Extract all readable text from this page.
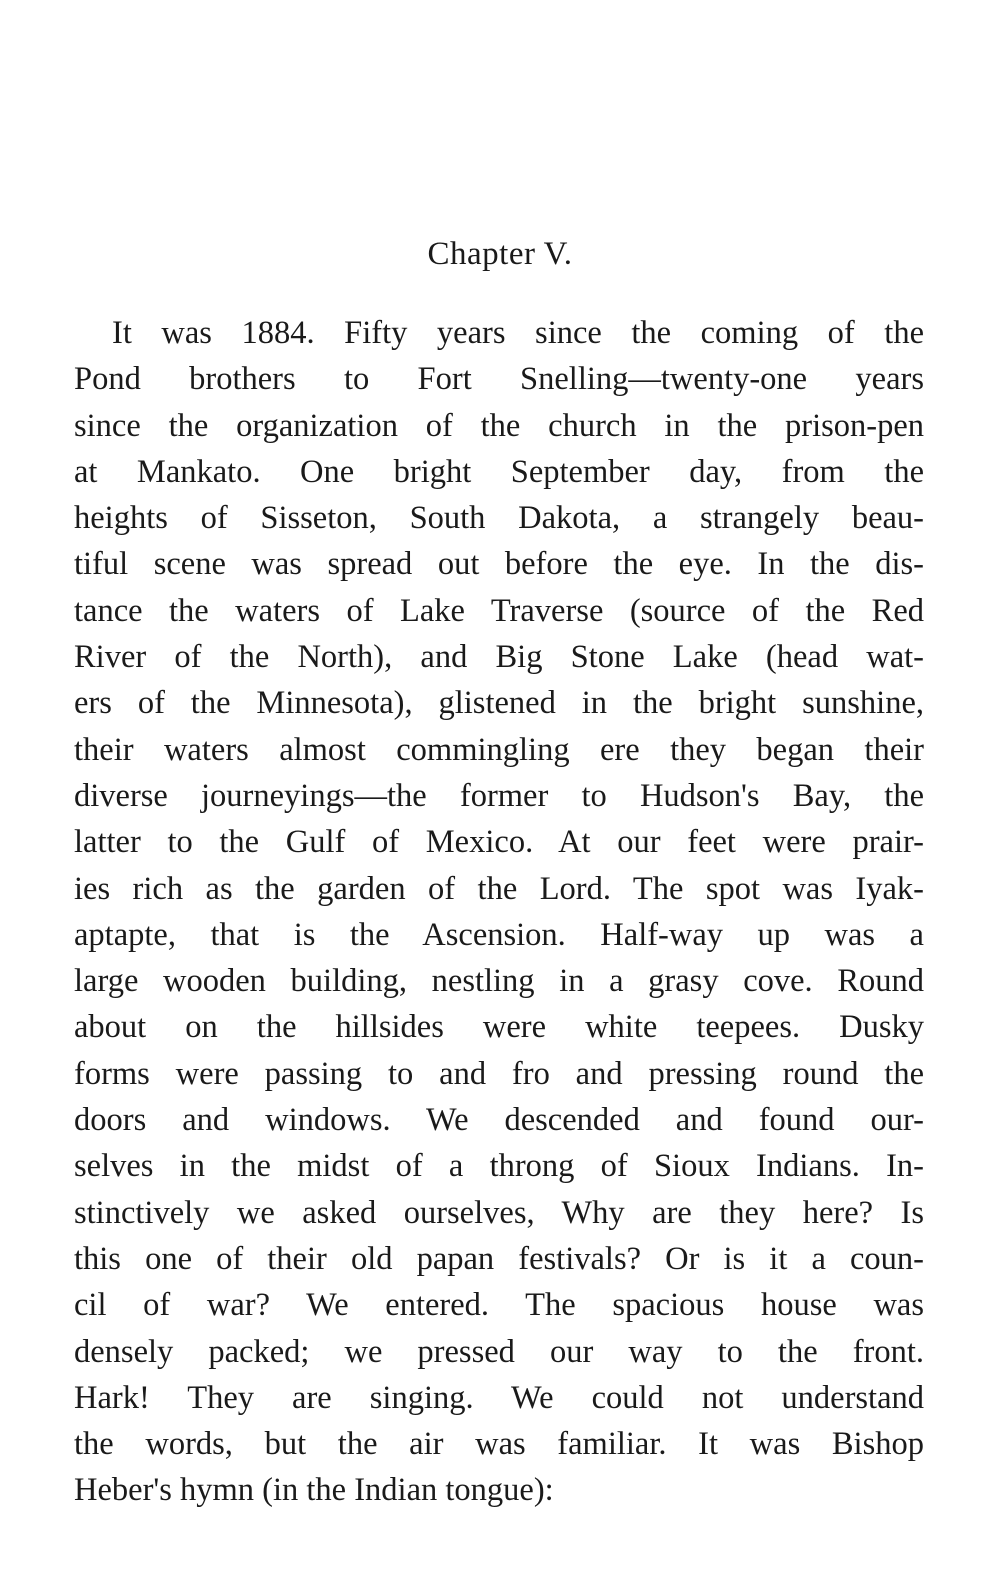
Chapter V.
It was 1884. Fifty years since the coming of the
Pond brothers to Fort Snelling—twenty-one years
since the organization of the church in the prison-pen
at Mankato. One bright September day, from the
heights of Sisseton, South Dakota, a strangely beau-
tiful scene was spread out before the eye. In the dis-
tance the waters of Lake Traverse (source of the Red
River of the North), and Big Stone Lake (head wat-
ers of the Minnesota), glistened in the bright sunshine,
their waters almost commingling ere they began their
diverse journeyings—the former to Hudson's Bay, the
latter to the Gulf of Mexico. At our feet were prair-
ies rich as the garden of the Lord. The spot was Iyak-
aptapte, that is the Ascension. Half-way up was a
large wooden building, nestling in a grasy cove. Round
about on the hillsides were white teepees. Dusky
forms were passing to and fro and pressing round the
doors and windows. We descended and found our-
selves in the midst of a throng of Sioux Indians. In-
stinctively we asked ourselves, Why are they here? Is
this one of their old papan festivals? Or is it a coun-
cil of war? We entered. The spacious house was
densely packed; we pressed our way to the front.
Hark! They are singing. We could not understand
the words, but the air was familiar. It was Bishop
Heber's hymn (in the Indian tongue):
